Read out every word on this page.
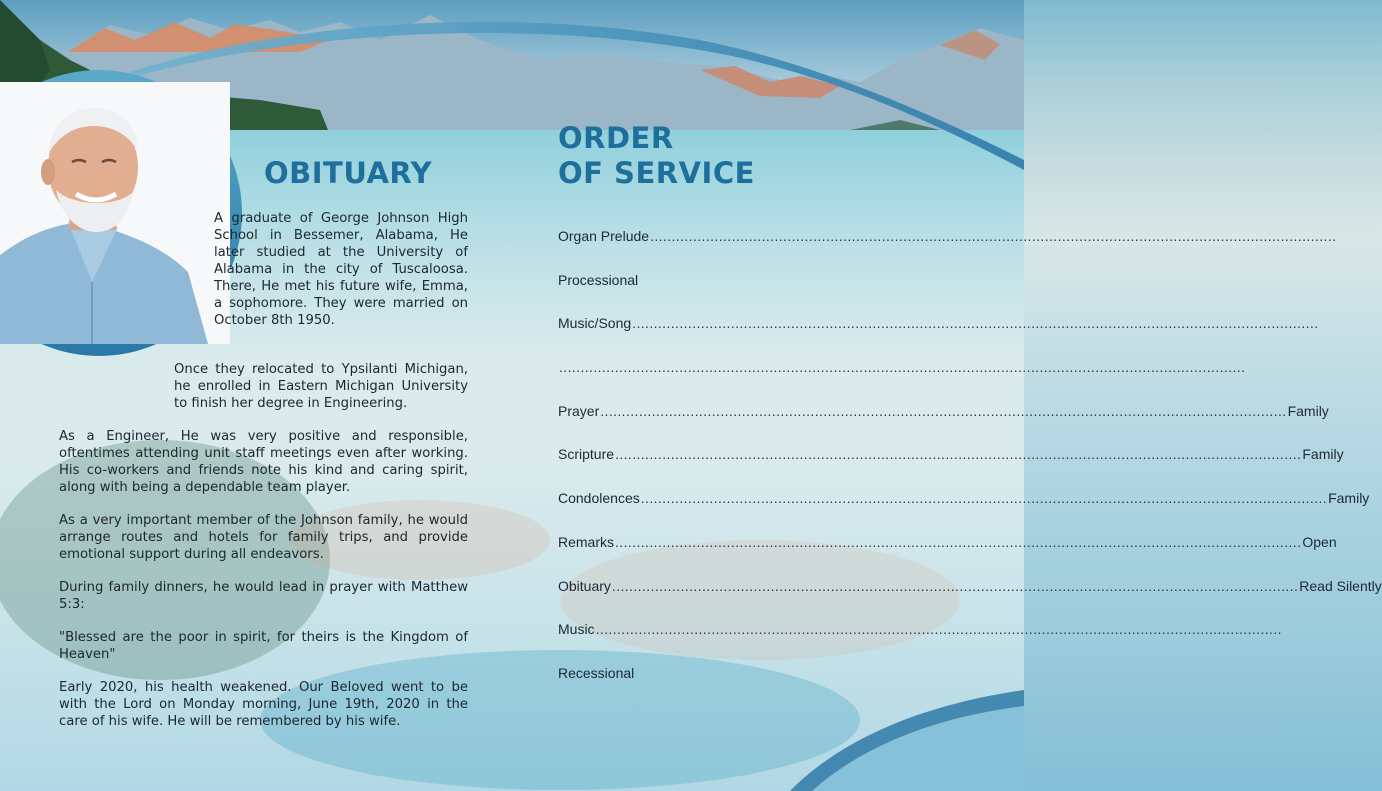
OBITUARY

A graduate of George Johnson High School in Bessemer, Alabama, He later studied at the University of Alabama in the city of Tuscaloosa. There, He met his future wife, Emma, a sophomore. They were married on October 8th 1950.

Once they relocated to Ypsilanti Michigan, he enrolled in Eastern Michigan University to finish her degree in Engineering.

As a Engineer, He was very positive and responsible, oftentimes attending unit staff meetings even after working. His co-workers and friends note his kind and caring spirit, along with being a dependable team player.

As a very important member of the Johnson family, he would arrange routes and hotels for family trips, and provide emotional support during all endeavors.

During family dinners, he would lead in prayer with Matthew 5:3:

"Blessed are the poor in spirit, for theirs is the Kingdom of Heaven"

Early 2020, his health weakened. Our Beloved went to be with the Lord on Monday morning, June 19th, 2020 in the care of his wife. He will be remembered by his wife.

ORDER
OF SERVICE
Organ Prelude ................................................................................................................................................................
Processional
Music/Song ................................................................................................................................................................
................................................................................................................................................................
Prayer ................................................................................................................................................................ Family
Scripture ................................................................................................................................................................ Family
Condolences ................................................................................................................................................................ Family
Remarks ................................................................................................................................................................ Open
Obituary ................................................................................................................................................................ Read Silently
Music ................................................................................................................................................................
Recessional
